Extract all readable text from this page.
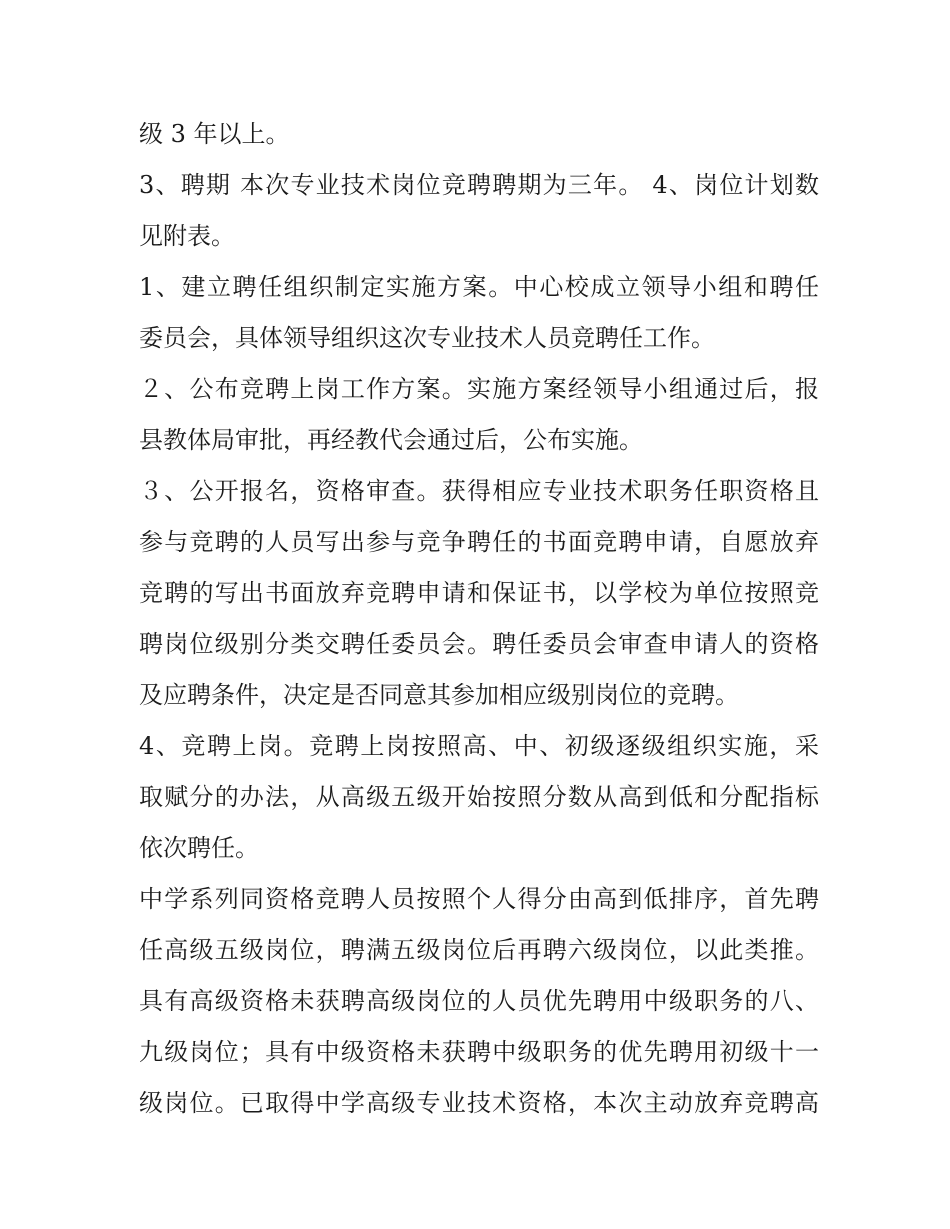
级 3 年以上。
3、聘期 本次专业技术岗位竞聘聘期为三年。 4、岗位计划数
见附表。
1、建立聘任组织制定实施方案。中心校成立领导小组和聘任
委员会，具体领导组织这次专业技术人员竞聘任工作。
２、公布竞聘上岗工作方案。实施方案经领导小组通过后，报
县教体局审批，再经教代会通过后，公布实施。
３、公开报名，资格审查。获得相应专业技术职务任职资格且
参与竞聘的人员写出参与竞争聘任的书面竞聘申请，自愿放弃
竞聘的写出书面放弃竞聘申请和保证书，以学校为单位按照竞
聘岗位级别分类交聘任委员会。聘任委员会审查申请人的资格
及应聘条件，决定是否同意其参加相应级别岗位的竞聘。
4、竞聘上岗。竞聘上岗按照高、中、初级逐级组织实施，采
取赋分的办法，从高级五级开始按照分数从高到低和分配指标
依次聘任。
中学系列同资格竞聘人员按照个人得分由高到低排序，首先聘
任高级五级岗位，聘满五级岗位后再聘六级岗位，以此类推。
具有高级资格未获聘高级岗位的人员优先聘用中级职务的八、
九级岗位；具有中级资格未获聘中级职务的优先聘用初级十一
级岗位。已取得中学高级专业技术资格，本次主动放弃竞聘高
